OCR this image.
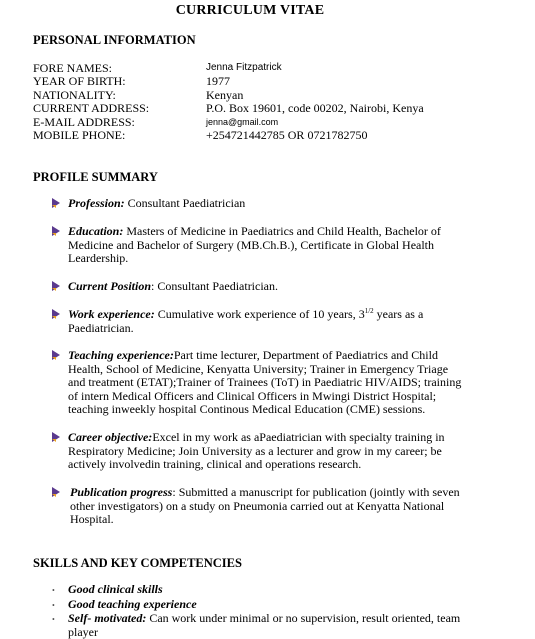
CURRICULUM VITAE
PERSONAL INFORMATION
FORE NAMES:	Jenna Fitzpatrick
YEAR OF BIRTH:	1977
NATIONALITY:	Kenyan
CURRENT ADDRESS:	P.O. Box 19601, code 00202, Nairobi, Kenya
E-MAIL ADDRESS:	jenna@gmail.com
MOBILE PHONE:	+254721442785 OR 0721782750
PROFILE SUMMARY
Profession: Consultant Paediatrician
Education: Masters of Medicine in Paediatrics and Child Health, Bachelor of Medicine and Bachelor of Surgery (MB.Ch.B.), Certificate in Global Health Leardership.
Current Position: Consultant Paediatrician.
Work experience: Cumulative work experience of 10 years, $3^{1/2}$ years as a Paediatrician.
Teaching experience:Part time lecturer, Department of Paediatrics and Child Health, School of Medicine, Kenyatta University; Trainer in Emergency Triage and treatment (ETAT);Trainer of Trainees (ToT) in Paediatric HIV/AIDS; training of intern Medical Officers and Clinical Officers in Mwingi District Hospital; teaching inweekly hospital Continous Medical Education (CME) sessions.
Career objective:Excel in my work as aPaediatrician with specialty training in Respiratory Medicine; Join University as a lecturer and grow in my career; be actively involvedin training, clinical and operations research.
Publication progress: Submitted a manuscript for publication (jointly with seven other investigators) on a study on Pneumonia carried out at Kenyatta National Hospital.
SKILLS AND KEY COMPETENCIES
• Good clinical skills
• Good teaching experience
• Self- motivated: Can work under minimal or no supervision, result oriented, team player
